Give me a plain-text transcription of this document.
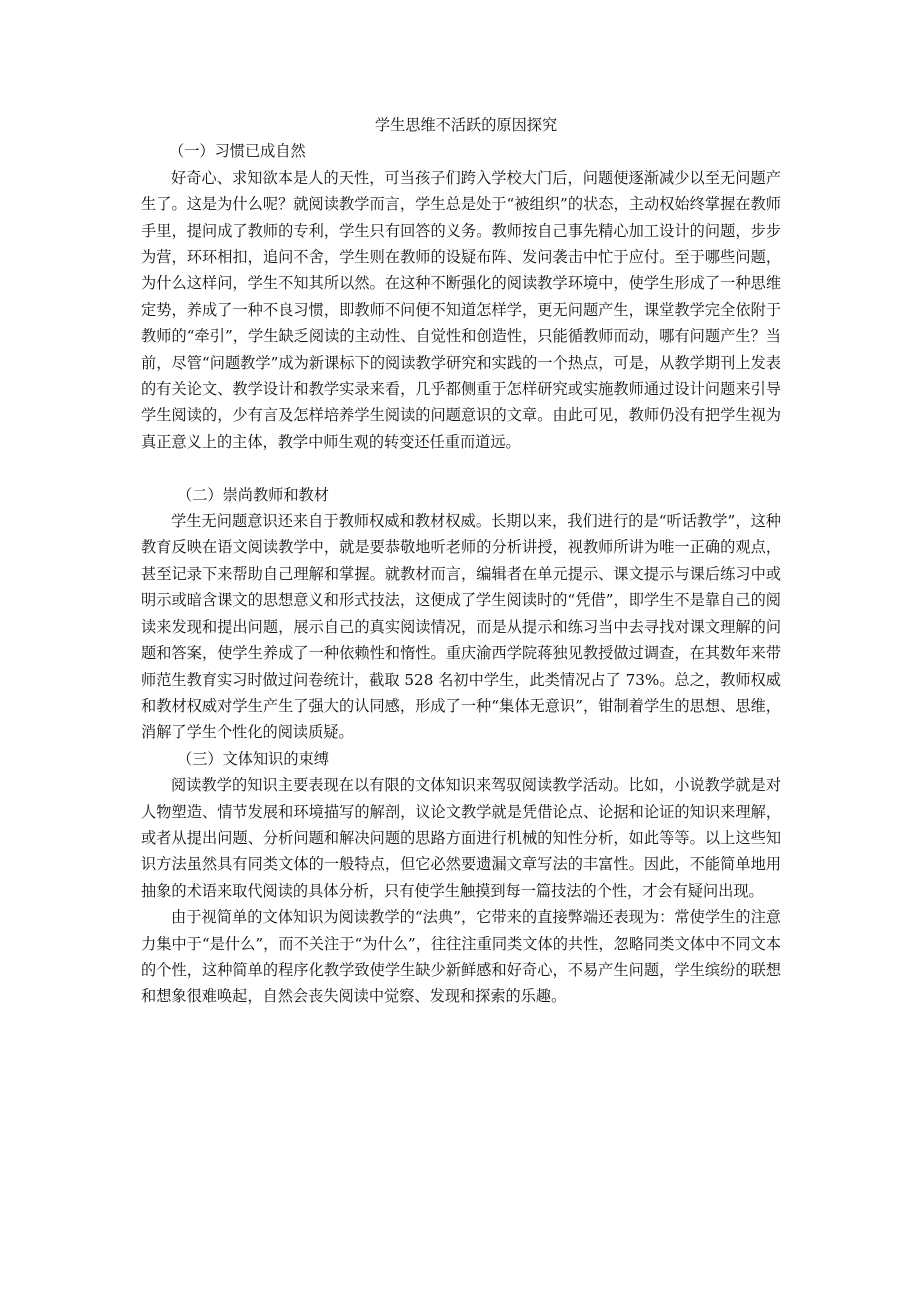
学生思维不活跃的原因探究
（一）习惯已成自然

好奇心、求知欲本是人的天性，可当孩子们跨入学校大门后，问题便逐渐减少以至无问题产生了。这是为什么呢？就阅读教学而言，学生总是处于“被组织”的状态，主动权始终掌握在教师手里，提问成了教师的专利，学生只有回答的义务。教师按自己事先精心加工设计的问题，步步为营，环环相扣，追问不舍，学生则在教师的设疑布阵、发问袭击中忙于应付。至于哪些问题，为什么这样问，学生不知其所以然。在这种不断强化的阅读教学环境中，使学生形成了一种思维定势，养成了一种不良习惯，即教师不问便不知道怎样学，更无问题产生，课堂教学完全依附于教师的“牵引”，学生缺乏阅读的主动性、自觉性和创造性，只能循教师而动，哪有问题产生？当前，尽管“问题教学”成为新课标下的阅读教学研究和实践的一个热点，可是，从教学期刊上发表的有关论文、教学设计和教学实录来看，几乎都侧重于怎样研究或实施教师通过设计问题来引导学生阅读的，少有言及怎样培养学生阅读的问题意识的文章。由此可见，教师仍没有把学生视为真正意义上的主体，教学中师生观的转变还任重而道远。

（二）崇尚教师和教材

学生无问题意识还来自于教师权威和教材权威。长期以来，我们进行的是“听话教学”，这种教育反映在语文阅读教学中，就是要恭敬地听老师的分析讲授，视教师所讲为唯一正确的观点，甚至记录下来帮助自己理解和掌握。就教材而言，编辑者在单元提示、课文提示与课后练习中或明示或暗含课文的思想意义和形式技法，这便成了学生阅读时的“凭借”，即学生不是靠自己的阅读来发现和提出问题，展示自己的真实阅读情况，而是从提示和练习当中去寻找对课文理解的问题和答案，使学生养成了一种依赖性和惰性。重庆渝西学院蒋独见教授做过调查，在其数年来带师范生教育实习时做过问卷统计，截取 528 名初中学生，此类情况占了 73%。总之，教师权威和教材权威对学生产生了强大的认同感，形成了一种“集体无意识”，钳制着学生的思想、思维，消解了学生个性化的阅读质疑。

（三）文体知识的束缚

阅读教学的知识主要表现在以有限的文体知识来驾驭阅读教学活动。比如，小说教学就是对人物塑造、情节发展和环境描写的解剖，议论文教学就是凭借论点、论据和论证的知识来理解，或者从提出问题、分析问题和解决问题的思路方面进行机械的知性分析，如此等等。以上这些知识方法虽然具有同类文体的一般特点，但它必然要遗漏文章写法的丰富性。因此，不能简单地用抽象的术语来取代阅读的具体分析，只有使学生触摸到每一篇技法的个性，才会有疑问出现。

由于视简单的文体知识为阅读教学的“法典”，它带来的直接弊端还表现为：常使学生的注意力集中于“是什么”，而不关注于“为什么”，往往注重同类文体的共性，忽略同类文体中不同文本的个性，这种简单的程序化教学致使学生缺少新鲜感和好奇心，不易产生问题，学生缤纷的联想和想象很难唤起，自然会丧失阅读中觉察、发现和探索的乐趣。
